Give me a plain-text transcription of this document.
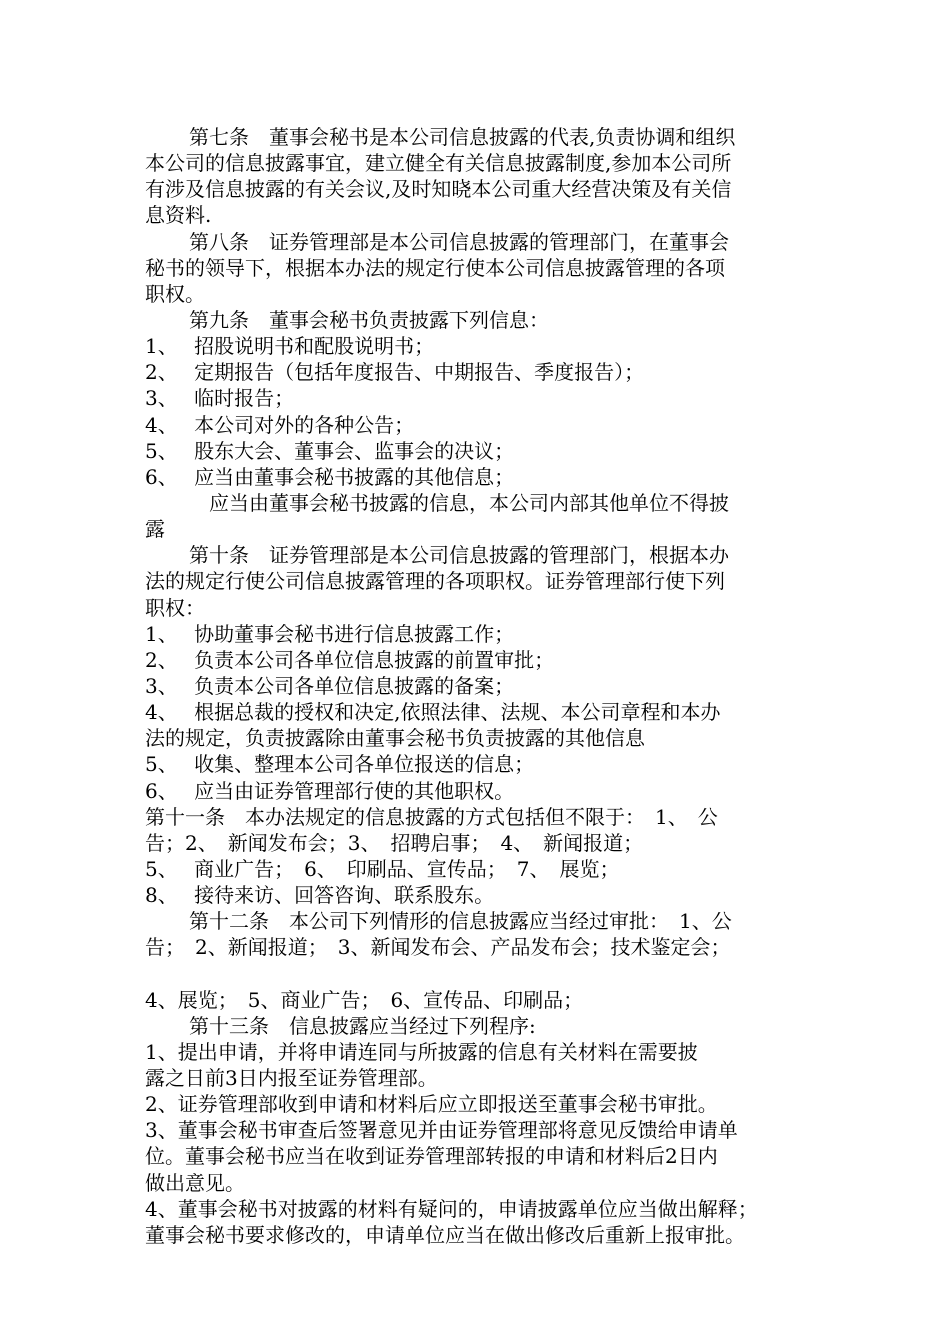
第七条　董事会秘书是本公司信息披露的代表,负责协调和组织
本公司的信息披露事宜，建立健全有关信息披露制度,参加本公司所
有涉及信息披露的有关会议,及时知晓本公司重大经营决策及有关信
息资料.
第八条　证券管理部是本公司信息披露的管理部门，在董事会
秘书的领导下，根据本办法的规定行使本公司信息披露管理的各项
职权。
第九条　董事会秘书负责披露下列信息：
1、　 招股说明书和配股说明书；
2、　 定期报告（包括年度报告、中期报告、季度报告）；
3、　 临时报告；
4、　 本公司对外的各种公告；
5、　 股东大会、董事会、监事会的决议；
6、　 应当由董事会秘书披露的其他信息；
应当由董事会秘书披露的信息，本公司内部其他单位不得披
露
第十条　证券管理部是本公司信息披露的管理部门，根据本办
法的规定行使公司信息披露管理的各项职权。证券管理部行使下列
职权：
1、　 协助董事会秘书进行信息披露工作；
2、　 负责本公司各单位信息披露的前置审批；
3、　 负责本公司各单位信息披露的备案；
4、　 根据总裁的授权和决定,依照法律、法规、本公司章程和本办
法的规定，负责披露除由董事会秘书负责披露的其他信息
5、　 收集、整理本公司各单位报送的信息；
6、　 应当由证券管理部行使的其他职权。
第十一条　本办法规定的信息披露的方式包括但不限于：　1、　公
告；2、　新闻发布会；3、　招聘启事；　4、　新闻报道；
5、　 商业广告；　6、　印刷品、宣传品；　7、　展览；
8、　 接待来访、回答咨询、联系股东。
第十二条　本公司下列情形的信息披露应当经过审批：　1、公
告；　2、新闻报道；　3、新闻发布会、产品发布会；技术鉴定会；
4、展览；　5、商业广告；　6、宣传品、印刷品；
第十三条　信息披露应当经过下列程序:
1、提出申请，并将申请连同与所披露的信息有关材料在需要披
露之日前3日内报至证券管理部。
2、证券管理部收到申请和材料后应立即报送至董事会秘书审批。
3、董事会秘书审查后签署意见并由证券管理部将意见反馈给申请单
位。董事会秘书应当在收到证券管理部转报的申请和材料后2日内
做出意见。
4、董事会秘书对披露的材料有疑问的，申请披露单位应当做出解释；
董事会秘书要求修改的，申请单位应当在做出修改后重新上报审批。
